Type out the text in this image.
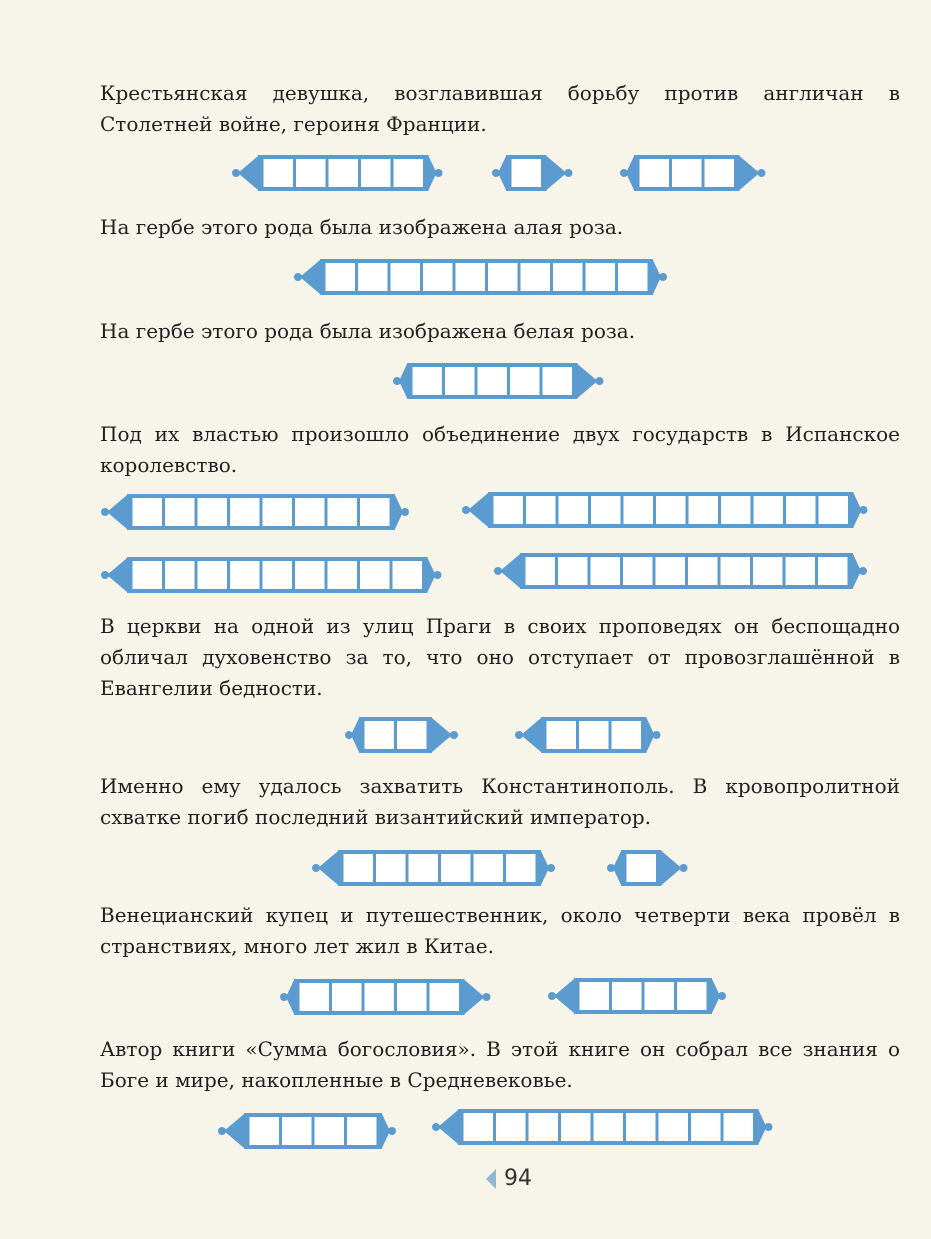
Крестьянская девушка, возглавившая борьбу против англичан в Столетней войне, героиня Франции.

На гербе этого рода была изображена алая роза.

На гербе этого рода была изображена белая роза.

Под их властью произошло объединение двух государств в Испанское королевство.

В церкви на одной из улиц Праги в своих проповедях он беспощадно обличал духовенство за то, что оно отступает от провозглашённой в Евангелии бедности.

Именно ему удалось захватить Константинополь. В кровопролитной схватке погиб последний византийский император.

Венецианский купец и путешественник, около четверти века провёл в странствиях, много лет жил в Китае.

Автор книги «Сумма богословия». В этой книге он собрал все знания о Боге и мире, накопленные в Средневековье.

94
